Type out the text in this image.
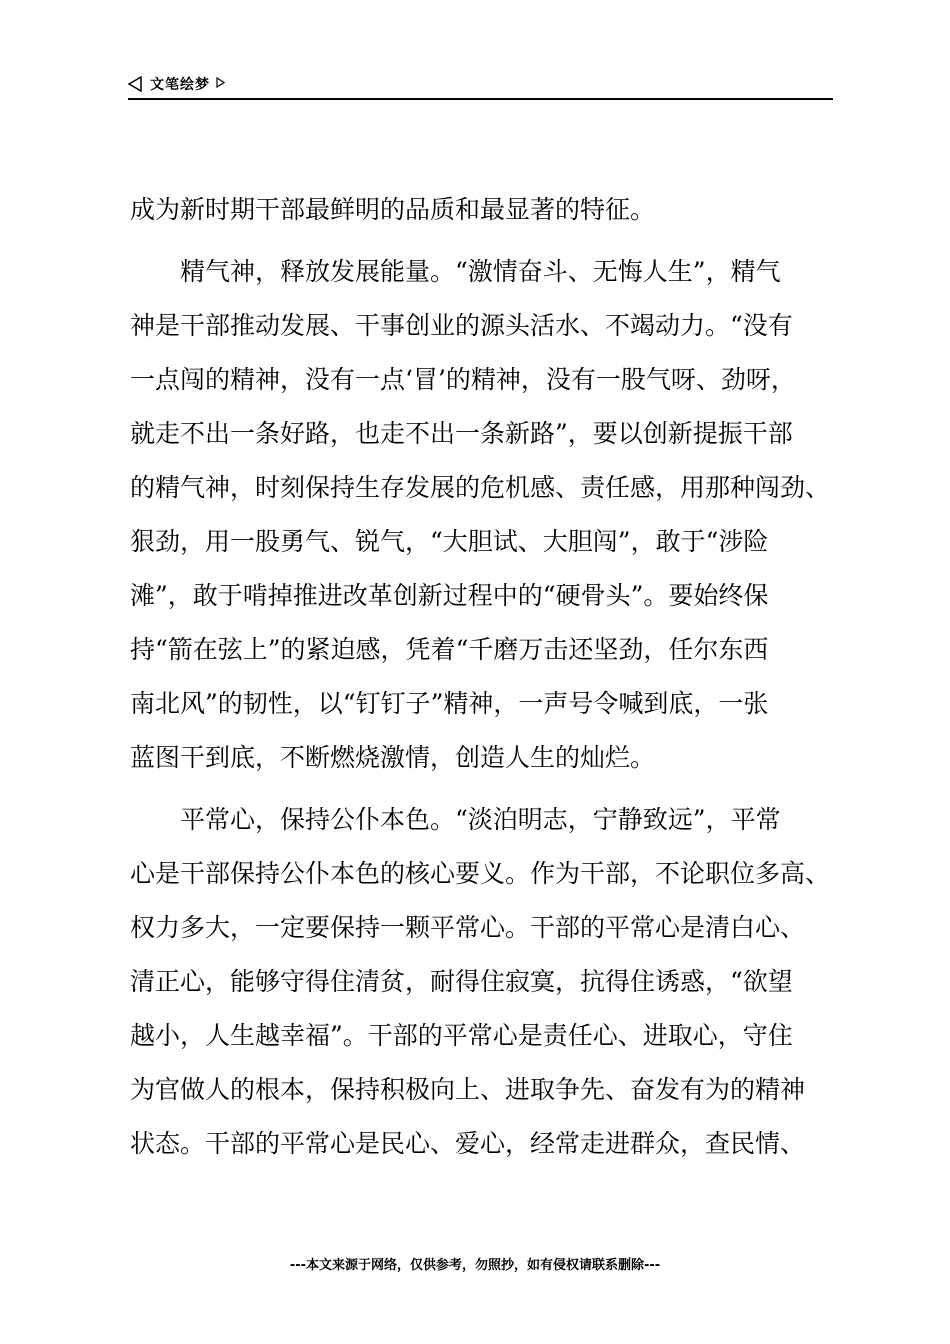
文笔绘梦
成为新时期干部最鲜明的品质和最显著的特征。
精气神，释放发展能量。“激情奋斗、无悔人生”，精气
神是干部推动发展、干事创业的源头活水、不竭动力。“没有
一点闯的精神，没有一点‘冒’的精神，没有一股气呀、劲呀，
就走不出一条好路，也走不出一条新路”，要以创新提振干部
的精气神，时刻保持生存发展的危机感、责任感，用那种闯劲、
狠劲，用一股勇气、锐气，“大胆试、大胆闯”，敢于“涉险
滩”，敢于啃掉推进改革创新过程中的“硬骨头”。要始终保
持“箭在弦上”的紧迫感，凭着“千磨万击还坚劲，任尔东西
南北风”的韧性，以“钉钉子”精神，一声号令喊到底，一张
蓝图干到底，不断燃烧激情，创造人生的灿烂。
平常心，保持公仆本色。“淡泊明志，宁静致远”，平常
心是干部保持公仆本色的核心要义。作为干部，不论职位多高、
权力多大，一定要保持一颗平常心。干部的平常心是清白心、
清正心，能够守得住清贫，耐得住寂寞，抗得住诱惑，“欲望
越小，人生越幸福”。干部的平常心是责任心、进取心，守住
为官做人的根本，保持积极向上、进取争先、奋发有为的精神
状态。干部的平常心是民心、爱心，经常走进群众，查民情、
---本文来源于网络，仅供参考，勿照抄，如有侵权请联系删除---
